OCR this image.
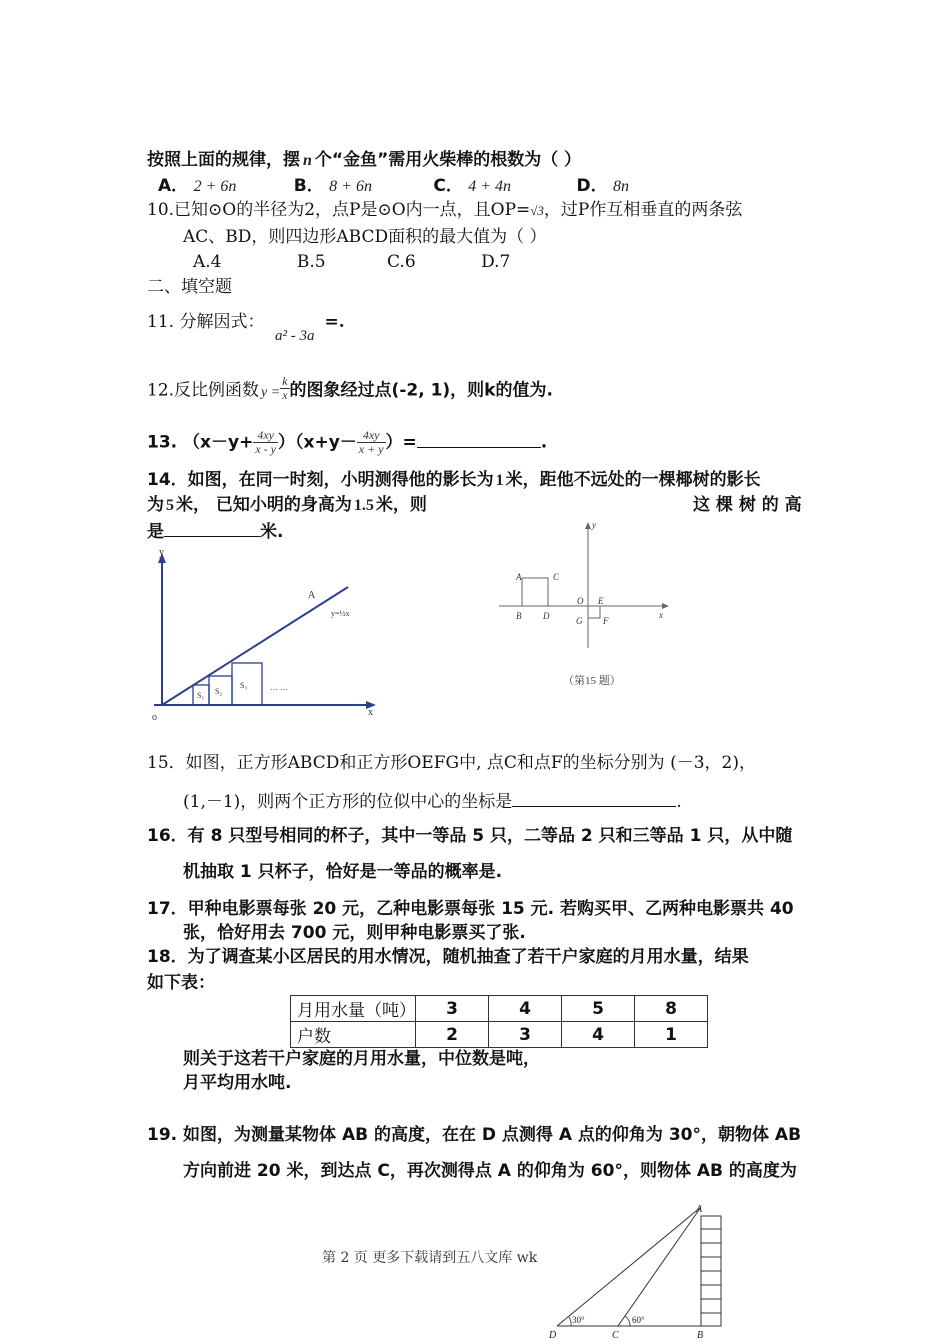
按照上面的规律，摆 n 个“金鱼”需用火柴棒的根数为（ ）
A． 2 + 6n	B． 8 + 6n	C． 4 + 4n	D． 8n
10.已知⊙O的半径为2，点P是⊙O内一点，且OP=√3，过P作互相垂直的两条弦
AC、BD，则四边形ABCD面积的最大值为（ ）
A.4	B.5	C.6	D.7
二、填空题
11. 分解因式：	=.
a² - 3a
12.反比例函数 $y = \frac{k}{x}$ 的图象经过点(-2, 1)，则k的值为.
13. $(x-y+ \frac{4xy}{x - y} )(x+y- \frac{4xy}{x + y}$ ）=	.
14．如图，在同一时刻，小明测得他的影长为 1 米，距他不远处的一棵椰树的影长
为 5 米， 已知小明的身高为 1.5 米，则	这 棵 树 的 高
是	米.
y
x
o
A
y=½x
S₁ S₂
S₃	… …
A	C
B D
O E
G F
x
y
（第15 题）
15．如图，正方形ABCD和正方形OEFG中, 点C和点F的坐标分别为 (－3，2)，
(1,－1)，则两个正方形的位似中心的坐标是	.
16．有 8 只型号相同的杯子，其中一等品 5 只，二等品 2 只和三等品 1 只，从中随
机抽取 1 只杯子，恰好是一等品的概率是.
17．甲种电影票每张 20 元，乙种电影票每张 15 元. 若购买甲、乙两种电影票共 40
张，恰好用去 700 元，则甲种电影票买了张.
18．为了调查某小区居民的用水情况，随机抽查了若干户家庭的月用水量，结果
如下表：
月用水量（吨）	3	4	5	8
户数	2	3	4	1
则关于这若干户家庭的月用水量，中位数是吨，
月平均用水吨.
19. 如图，为测量某物体 AB 的高度，在在 D 点测得 A 点的仰角为 30°，朝物体 AB
方向前进 20 米，到达点 C，再次测得点 A 的仰角为 60°，则物体 AB 的高度为
第 2 页 更多下载请到五八文库 wk
A
B
C
D
30°	60°
